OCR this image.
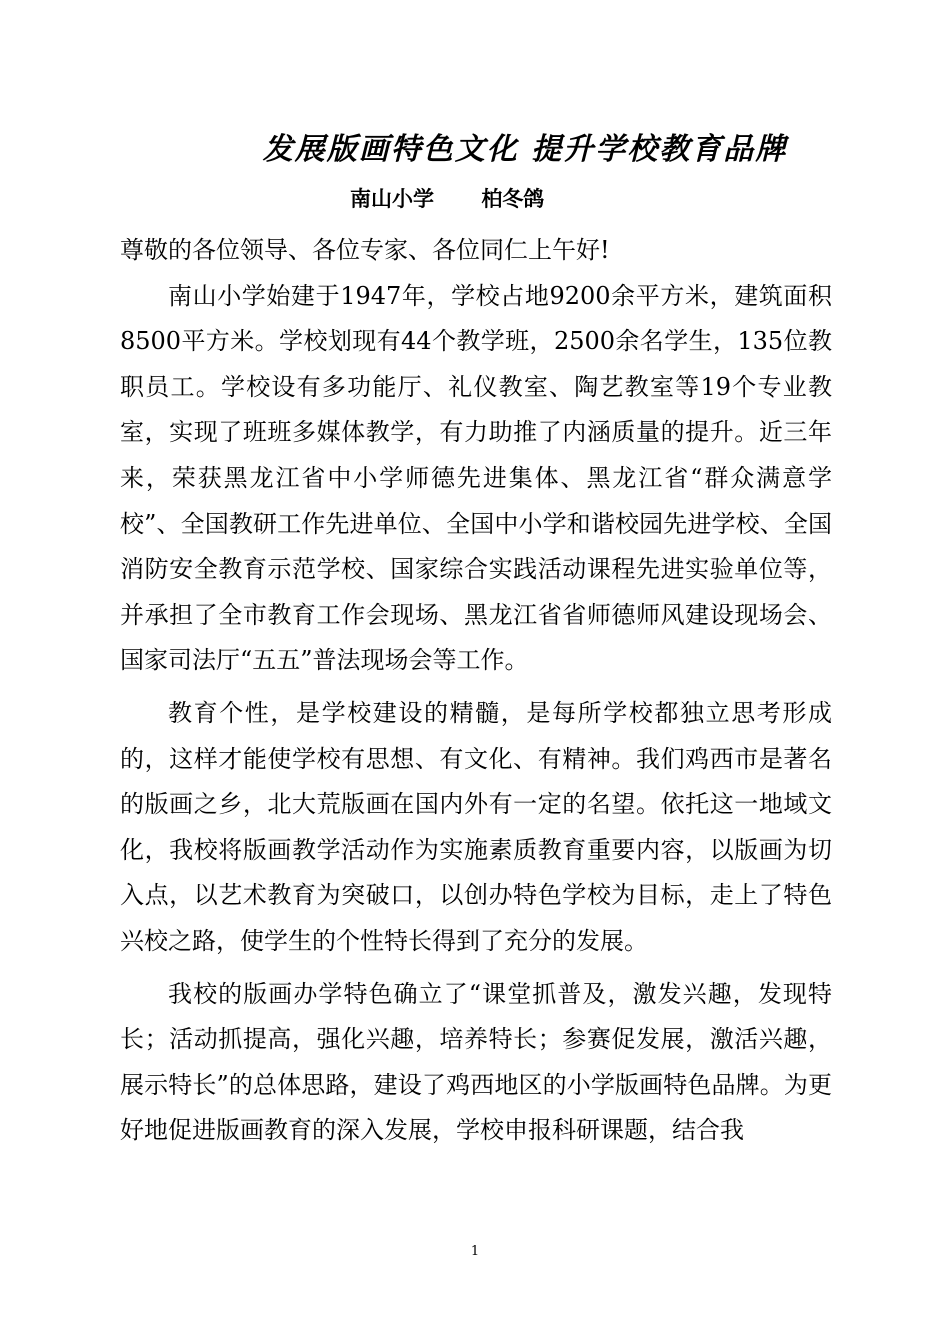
发展版画特色文化 提升学校教育品牌
南山小学 柏冬鸽

尊敬的各位领导、各位专家、各位同仁上午好!

南山小学始建于1947年，学校占地9200余平方米，建筑面积8500平方米。学校划现有44个教学班，2500余名学生，135位教职员工。学校设有多功能厅、礼仪教室、陶艺教室等19个专业教室，实现了班班多媒体教学，有力助推了内涵质量的提升。近三年来，荣获黑龙江省中小学师德先进集体、黑龙江省“群众满意学校”、全国教研工作先进单位、全国中小学和谐校园先进学校、全国消防安全教育示范学校、国家综合实践活动课程先进实验单位等，并承担了全市教育工作会现场、黑龙江省省师德师风建设现场会、国家司法厅“五五”普法现场会等工作。

教育个性，是学校建设的精髓，是每所学校都独立思考形成的，这样才能使学校有思想、有文化、有精神。我们鸡西市是著名的版画之乡，北大荒版画在国内外有一定的名望。依托这一地域文化，我校将版画教学活动作为实施素质教育重要内容，以版画为切入点，以艺术教育为突破口，以创办特色学校为目标，走上了特色兴校之路，使学生的个性特长得到了充分的发展。

我校的版画办学特色确立了“课堂抓普及，激发兴趣，发现特长；活动抓提高，强化兴趣，培养特长；参赛促发展，激活兴趣，展示特长”的总体思路，建设了鸡西地区的小学版画特色品牌。为更好地促进版画教育的深入发展，学校申报科研课题，结合我

1
